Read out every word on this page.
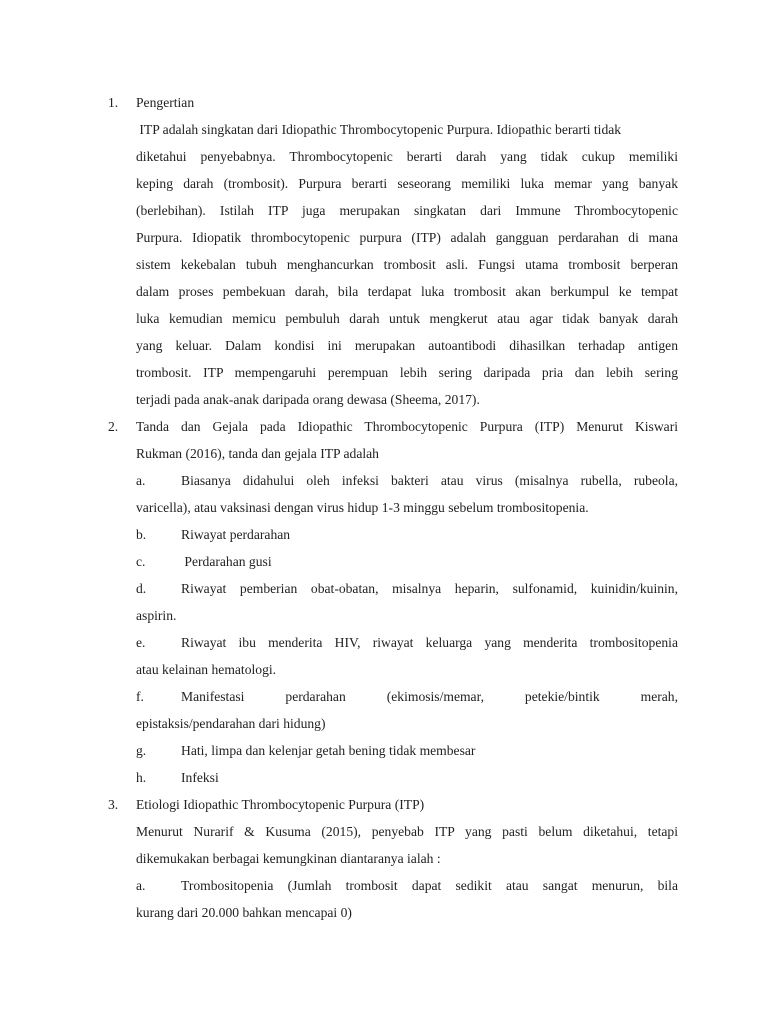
1. Pengertian
ITP adalah singkatan dari Idiopathic Thrombocytopenic Purpura. Idiopathic berarti tidak
diketahui penyebabnya. Thrombocytopenic berarti darah yang tidak cukup memiliki
keping darah (trombosit). Purpura berarti seseorang memiliki luka memar yang banyak
(berlebihan). Istilah ITP juga merupakan singkatan dari Immune Thrombocytopenic
Purpura. Idiopatik thrombocytopenic purpura (ITP) adalah gangguan perdarahan di mana
sistem kekebalan tubuh menghancurkan trombosit asli. Fungsi utama trombosit berperan
dalam proses pembekuan darah, bila terdapat luka trombosit akan berkumpul ke tempat
luka kemudian memicu pembuluh darah untuk mengkerut atau agar tidak banyak darah
yang keluar. Dalam kondisi ini merupakan autoantibodi dihasilkan terhadap antigen
trombosit. ITP mempengaruhi perempuan lebih sering daripada pria dan lebih sering
terjadi pada anak-anak daripada orang dewasa (Sheema, 2017).
2. Tanda dan Gejala pada Idiopathic Thrombocytopenic Purpura (ITP) Menurut Kiswari
Rukman (2016), tanda dan gejala ITP adalah
a.	Biasanya didahului oleh infeksi bakteri atau virus (misalnya rubella, rubeola,
varicella), atau vaksinasi dengan virus hidup 1-3 minggu sebelum trombositopenia.
b.	Riwayat perdarahan
c.	Perdarahan gusi
d.	Riwayat pemberian obat-obatan, misalnya heparin, sulfonamid, kuinidin/kuinin,
aspirin.
e.	Riwayat ibu menderita HIV, riwayat keluarga yang menderita trombositopenia
atau kelainan hematologi.
f.	Manifestasi	perdarahan	(ekimosis/memar,	petekie/bintik	merah,
epistaksis/pendarahan dari hidung)
g.	Hati, limpa dan kelenjar getah bening tidak membesar
h.	Infeksi
3. Etiologi Idiopathic Thrombocytopenic Purpura (ITP)
Menurut Nurarif & Kusuma (2015), penyebab ITP yang pasti belum diketahui, tetapi
dikemukakan berbagai kemungkinan diantaranya ialah :
a.	Trombositopenia (Jumlah trombosit dapat sedikit atau sangat menurun, bila
kurang dari 20.000 bahkan mencapai 0)
